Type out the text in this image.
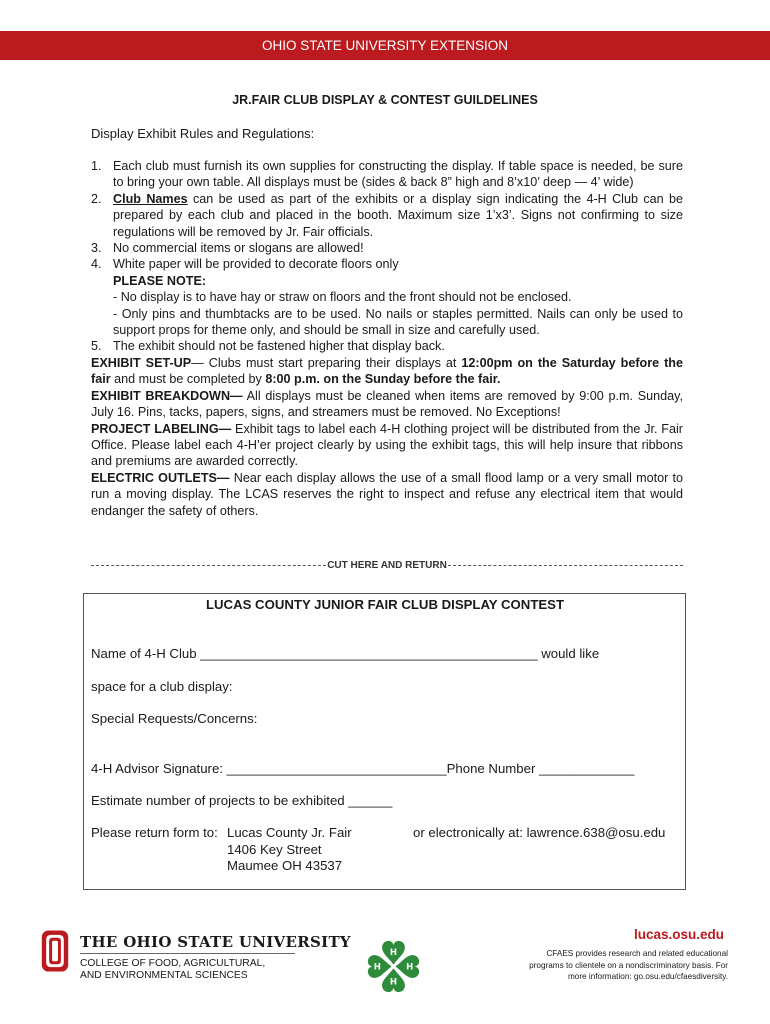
OHIO STATE UNIVERSITY EXTENSION
JR.FAIR CLUB DISPLAY & CONTEST GUILDELINES
Display Exhibit Rules and Regulations:
1. Each club must furnish its own supplies for constructing the display. If table space is needed, be sure to bring your own table. All displays must be (sides & back 8” high and 8’x10’ deep — 4’ wide)
2. Club Names can be used as part of the exhibits or a display sign indicating the 4-H Club can be prepared by each club and placed in the booth. Maximum size 1’x3’. Signs not confirming to size regulations will be removed by Jr. Fair officials.
3. No commercial items or slogans are allowed!
4. White paper will be provided to decorate floors only
PLEASE NOTE:
- No display is to have hay or straw on floors and the front should not be enclosed.
- Only pins and thumbtacks are to be used. No nails or staples permitted. Nails can only be used to support props for theme only, and should be small in size and carefully used.
5. The exhibit should not be fastened higher that display back.
EXHIBIT SET-UP— Clubs must start preparing their displays at 12:00pm on the Saturday before the fair and must be completed by 8:00 p.m. on the Sunday before the fair.
EXHIBIT BREAKDOWN— All displays must be cleaned when items are removed by 9:00 p.m. Sunday, July 16. Pins, tacks, papers, signs, and streamers must be removed. No Exceptions!
PROJECT LABELING— Exhibit tags to label each 4-H clothing project will be distributed from the Jr. Fair Office. Please label each 4-H’er project clearly by using the exhibit tags, this will help insure that ribbons and premiums are awarded correctly.
ELECTRIC OUTLETS— Near each display allows the use of a small flood lamp or a very small motor to run a moving display. The LCAS reserves the right to inspect and refuse any electrical item that would endanger the safety of others.
CUT HERE AND RETURN
LUCAS COUNTY JUNIOR FAIR CLUB DISPLAY CONTEST
Name of 4-H Club ______________________________________________ would like
space for a club display:
Special Requests/Concerns:
4-H Advisor Signature: ______________________________Phone Number _____________
Estimate number of projects to be exhibited ______
Please return form to: Lucas County Jr. Fair
1406 Key Street
Maumee OH 43537
or electronically at: lawrence.638@osu.edu
THE OHIO STATE UNIVERSITY
COLLEGE OF FOOD, AGRICULTURAL,
AND ENVIRONMENTAL SCIENCES
H
H
H	H
lucas.osu.edu
CFAES provides research and related educational
programs to clientele on a nondiscriminatory basis. For
more information: go.osu.edu/cfaesdiversity.
